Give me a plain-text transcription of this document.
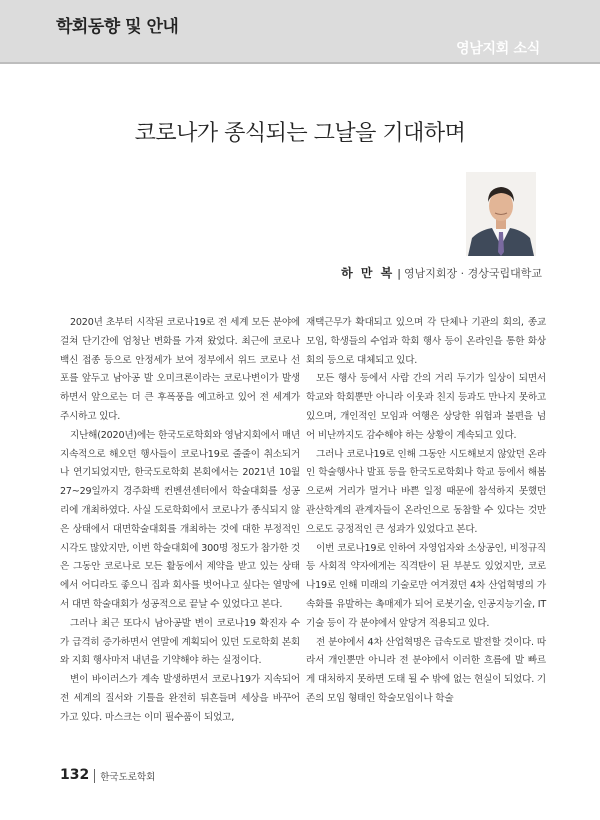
학회동향 및 안내
영남지회 소식
코로나가 종식되는 그날을 기대하며
하 만 복 | 영남지회장 · 경상국립대학교

2020년 초부터 시작된 코로나19로 전 세계 모든 분야에 걸쳐 단기간에 엄청난 변화를 가져 왔었다. 최근에 코로나백신 접종 등으로 안정세가 보여 정부에서 위드 코로나 선포를 앞두고 남아공 발 오미크론이라는 코로나변이가 발생하면서 앞으로는 더 큰 후폭풍을 예고하고 있어 전 세계가 주시하고 있다.

지난해(2020년)에는 한국도로학회와 영남지회에서 매년 지속적으로 해오던 행사들이 코로나19로 줄줄이 취소되거나 연기되었지만, 한국도로학회 본회에서는 2021년 10월27~29일까지 경주화백 컨벤션센터에서 학술대회를 성공리에 개최하였다. 사실 도로학회에서 코로나가 종식되지 않은 상태에서 대면학술대회를 개최하는 것에 대한 부정적인 시각도 많았지만, 이번 학술대회에 300명 정도가 참가한 것은 그동안 코로나로 모든 활동에서 제약을 받고 있는 상태에서 어디라도 좋으니 집과 회사를 벗어나고 싶다는 열망에서 대면 학술대회가 성공적으로 끝날 수 있었다고 본다.

그러나 최근 또다시 남아공발 변이 코로나19 확진자 수가 급격히 증가하면서 연말에 계획되어 있던 도로학회 본회와 지회 행사마저 내년을 기약해야 하는 실정이다.

변이 바이러스가 계속 발생하면서 코로나19가 지속되어 전 세계의 질서와 기틀을 완전히 뒤흔들며 세상을 바꾸어 가고 있다. 마스크는 이미 필수품이 되었고,

재택근무가 확대되고 있으며 각 단체나 기관의 회의, 종교 모임, 학생들의 수업과 학회 행사 등이 온라인을 통한 화상회의 등으로 대체되고 있다.

모든 행사 등에서 사람 간의 거리 두기가 일상이 되면서 학교와 학회뿐만 아니라 이웃과 친지 등과도 만나지 못하고 있으며, 개인적인 모임과 여행은 상당한 위험과 불편을 넘어 비난까지도 감수해야 하는 상황이 계속되고 있다.

그러나 코로나19로 인해 그동안 시도해보지 않았던 온라인 학술행사나 발표 등을 한국도로학회나 학교 등에서 해봄으로써 거리가 멀거나 바쁜 일정 때문에 참석하지 못했던 관산학계의 관계자들이 온라인으로 동참할 수 있다는 것만으로도 긍정적인 큰 성과가 있었다고 본다.

이번 코로나19로 인하여 자영업자와 소상공인, 비정규직 등 사회적 약자에게는 직격탄이 된 부분도 있었지만, 코로나19로 인해 미래의 기술로만 여겨졌던 4차 산업혁명의 가속화를 유발하는 촉매제가 되어 로봇기술, 인공지능기술, IT기술 등이 각 분야에서 앞당겨 적용되고 있다.

전 분야에서 4차 산업혁명은 급속도로 발전할 것이다. 따라서 개인뿐만 아니라 전 분야에서 이러한 흐름에 발 빠르게 대처하지 못하면 도태 될 수 밖에 없는 현실이 되었다. 기존의 모임 형태인 학술모임이나 학술

132 한국도로학회
